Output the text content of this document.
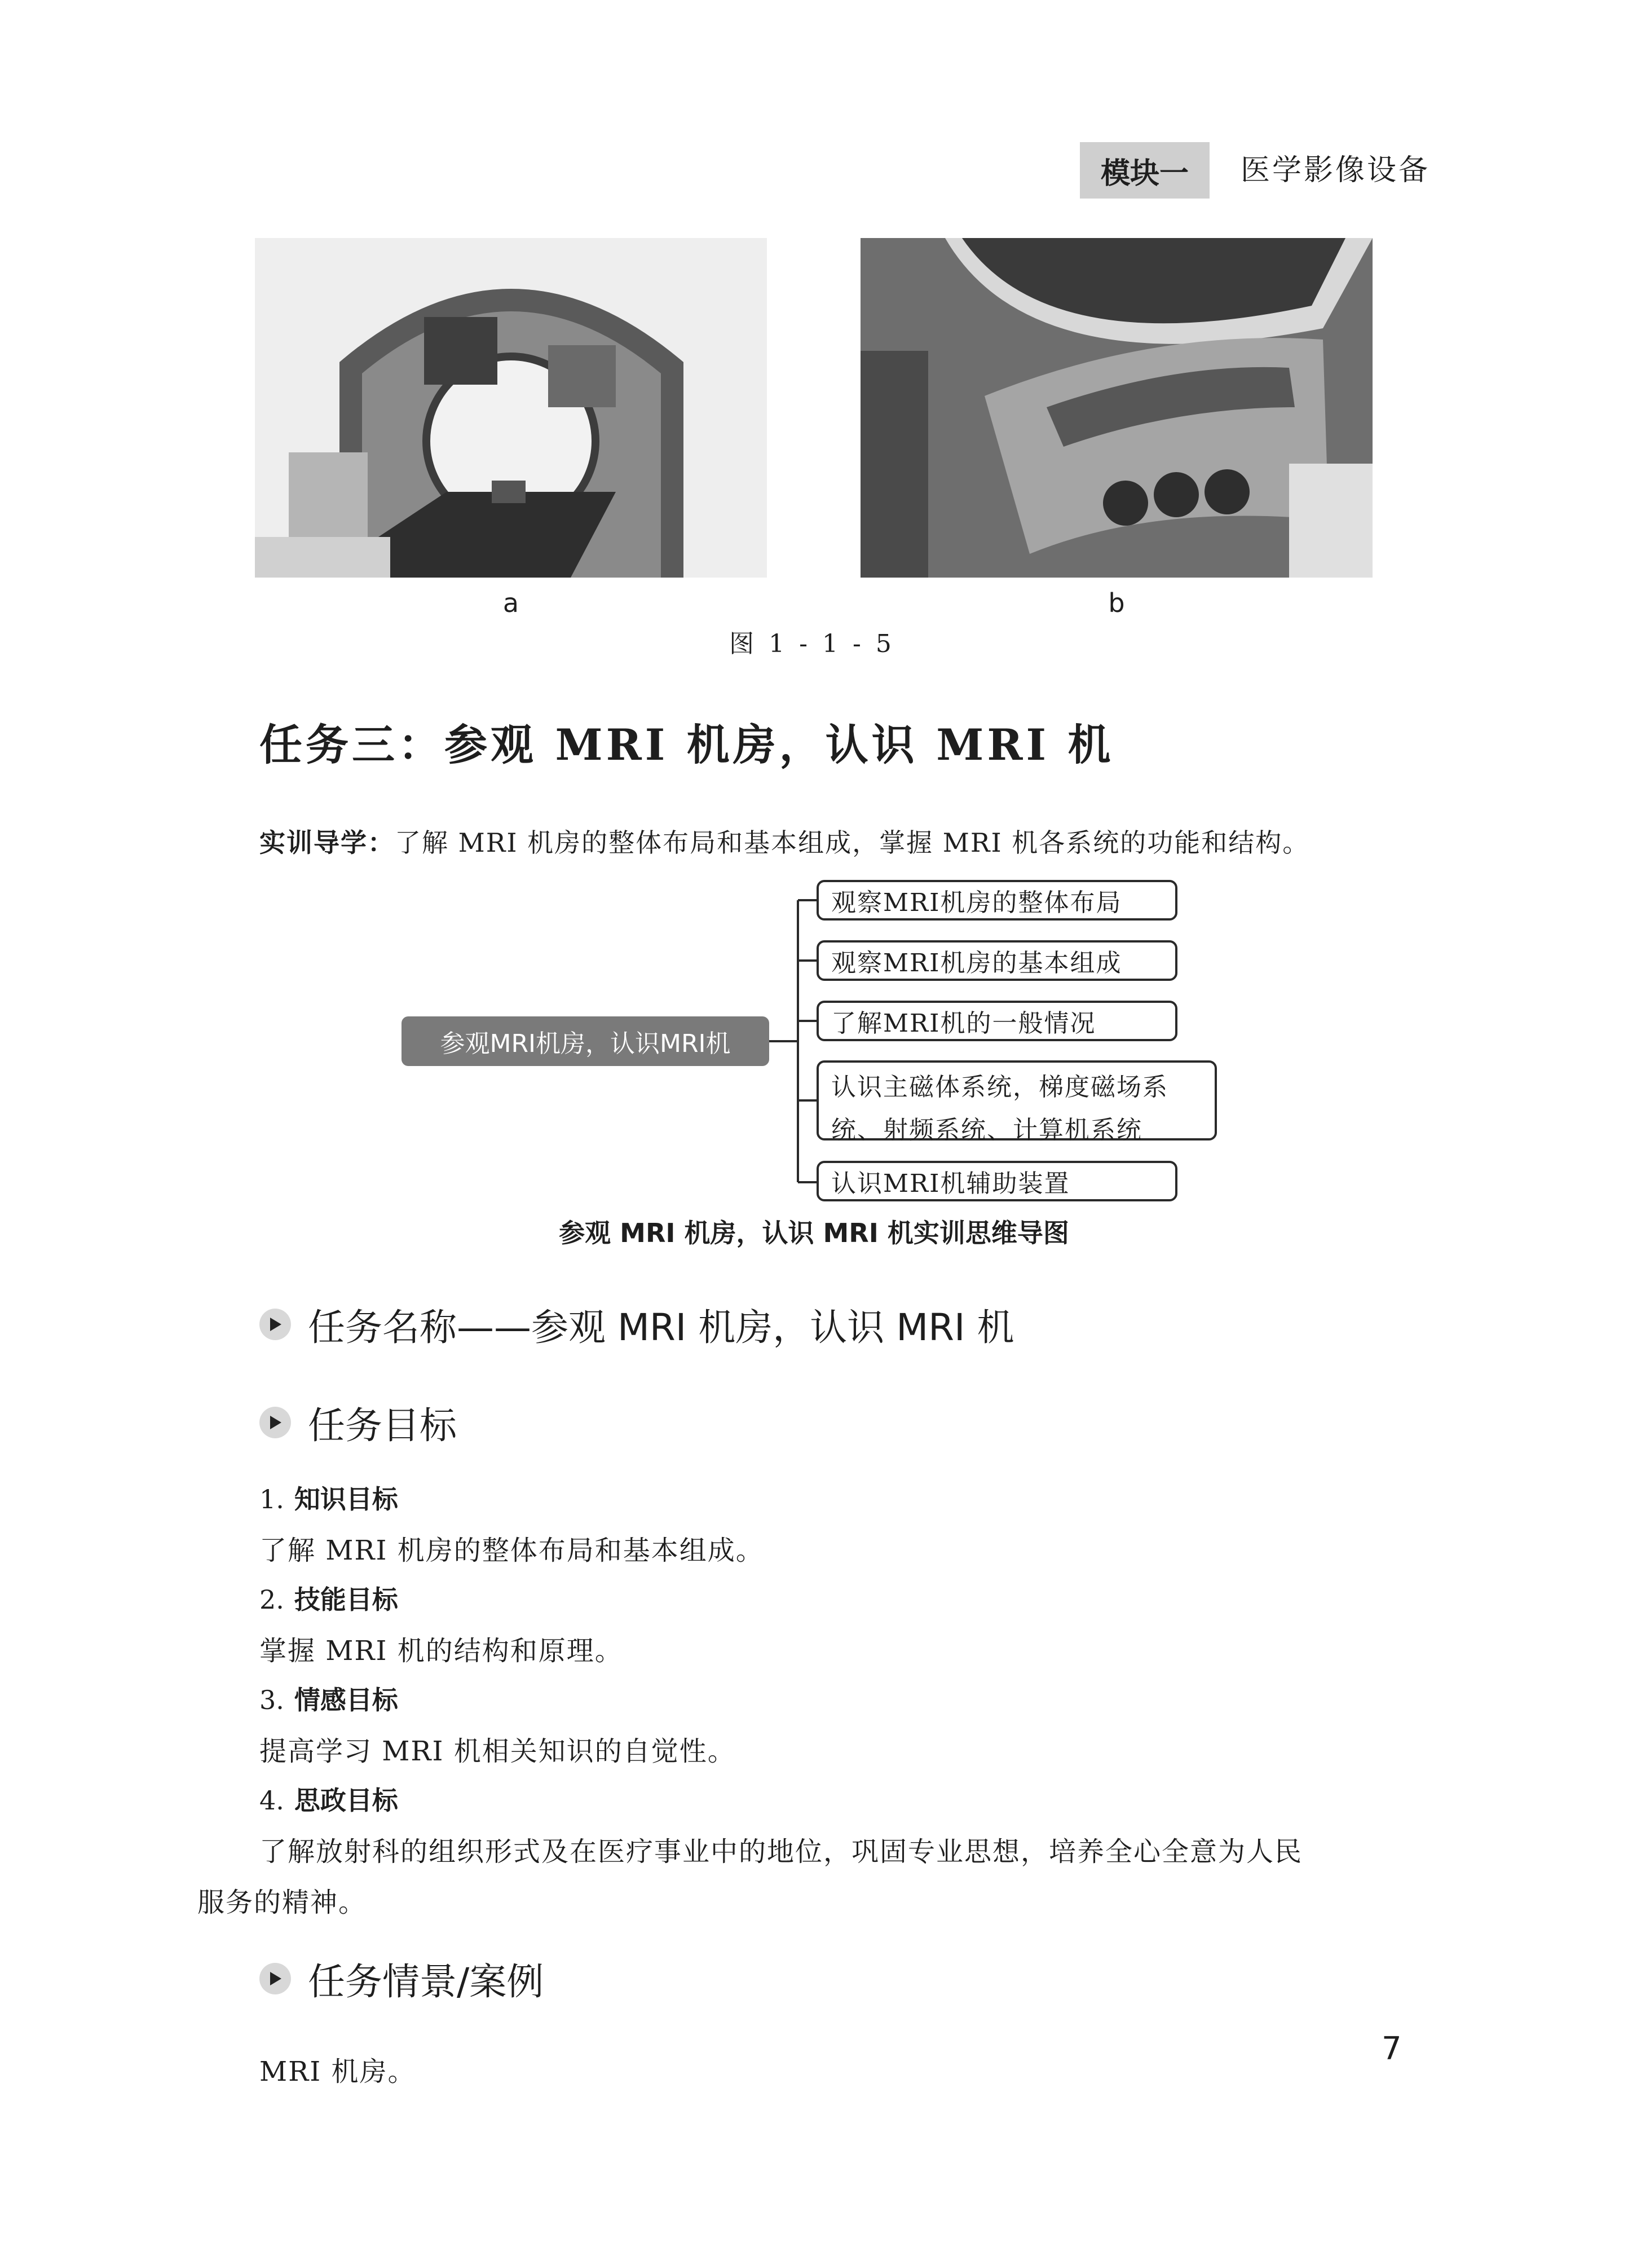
模块一	医学影像设备
a	b
图 1 - 1 - 5
任务三：参观 MRI 机房，认识 MRI 机
实训导学：了解 MRI 机房的整体布局和基本组成，掌握 MRI 机各系统的功能和结构。
参观MRI机房，认识MRI机
观察MRI机房的整体布局
观察MRI机房的基本组成
了解MRI机的一般情况
认识主磁体系统，梯度磁场系
统、射频系统、计算机系统
认识MRI机辅助装置
参观 MRI 机房，认识 MRI 机实训思维导图
任务名称——参观 MRI 机房，认识 MRI 机
任务目标
1. 知识目标
了解 MRI 机房的整体布局和基本组成。
2. 技能目标
掌握 MRI 机的结构和原理。
3. 情感目标
提高学习 MRI 机相关知识的自觉性。
4. 思政目标
了解放射科的组织形式及在医疗事业中的地位，巩固专业思想，培养全心全意为人民
服务的精神。
任务情景/案例
MRI 机房。
7
